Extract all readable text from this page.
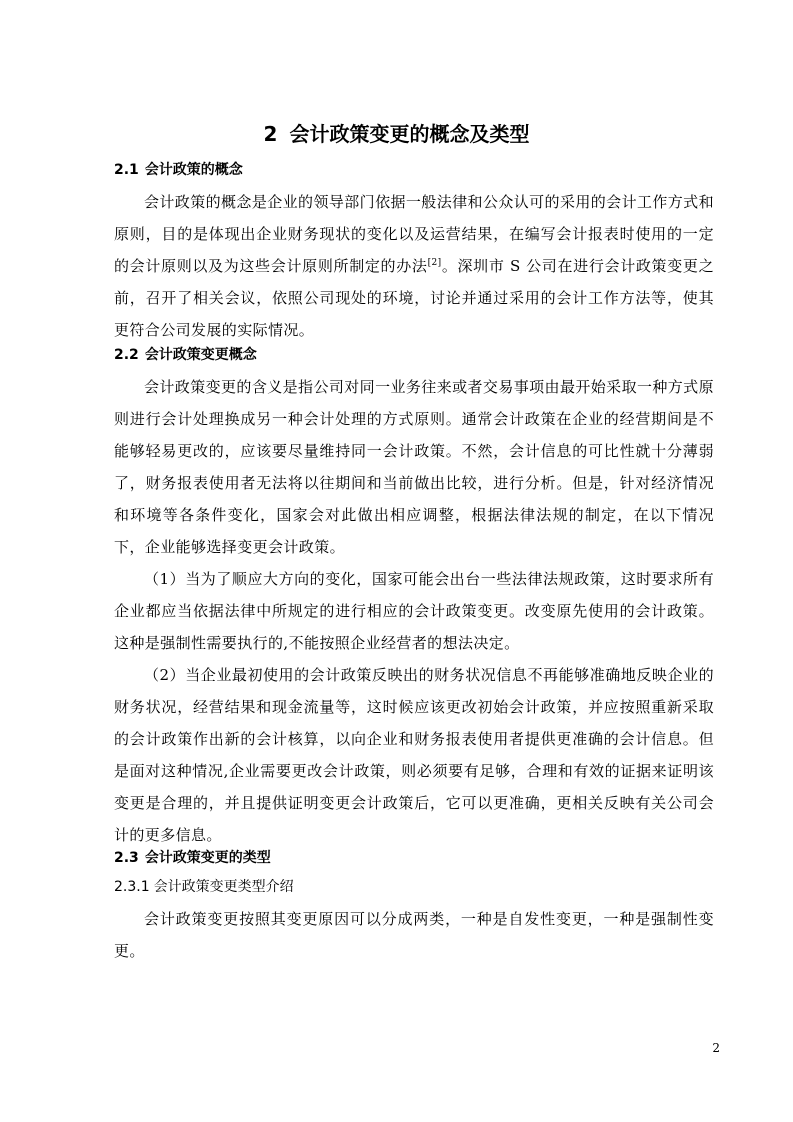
2 会计政策变更的概念及类型
2.1 会计政策的概念

会计政策的概念是企业的领导部门依据一般法律和公众认可的采用的会计工作方式和原则，目的是体现出企业财务现状的变化以及运营结果，在编写会计报表时使用的一定的会计原则以及为这些会计原则所制定的办法[2]。深圳市 S 公司在进行会计政策变更之前，召开了相关会议，依照公司现处的环境，讨论并通过采用的会计工作方法等，使其更符合公司发展的实际情况。

2.2 会计政策变更概念

会计政策变更的含义是指公司对同一业务往来或者交易事项由最开始采取一种方式原则进行会计处理换成另一种会计处理的方式原则。通常会计政策在企业的经营期间是不能够轻易更改的，应该要尽量维持同一会计政策。不然，会计信息的可比性就十分薄弱了，财务报表使用者无法将以往期间和当前做出比较，进行分析。但是，针对经济情况和环境等各条件变化，国家会对此做出相应调整，根据法律法规的制定，在以下情况下，企业能够选择变更会计政策。

（1）当为了顺应大方向的变化，国家可能会出台一些法律法规政策，这时要求所有企业都应当依据法律中所规定的进行相应的会计政策变更。改变原先使用的会计政策。这种是强制性需要执行的,不能按照企业经营者的想法决定。

（2）当企业最初使用的会计政策反映出的财务状况信息不再能够准确地反映企业的财务状况，经营结果和现金流量等，这时候应该更改初始会计政策，并应按照重新采取的会计政策作出新的会计核算，以向企业和财务报表使用者提供更准确的会计信息。但是面对这种情况,企业需要更改会计政策，则必须要有足够，合理和有效的证据来证明该变更是合理的，并且提供证明变更会计政策后，它可以更准确，更相关反映有关公司会计的更多信息。

2.3 会计政策变更的类型
2.3.1 会计政策变更类型介绍

会计政策变更按照其变更原因可以分成两类，一种是自发性变更，一种是强制性变更。

2
